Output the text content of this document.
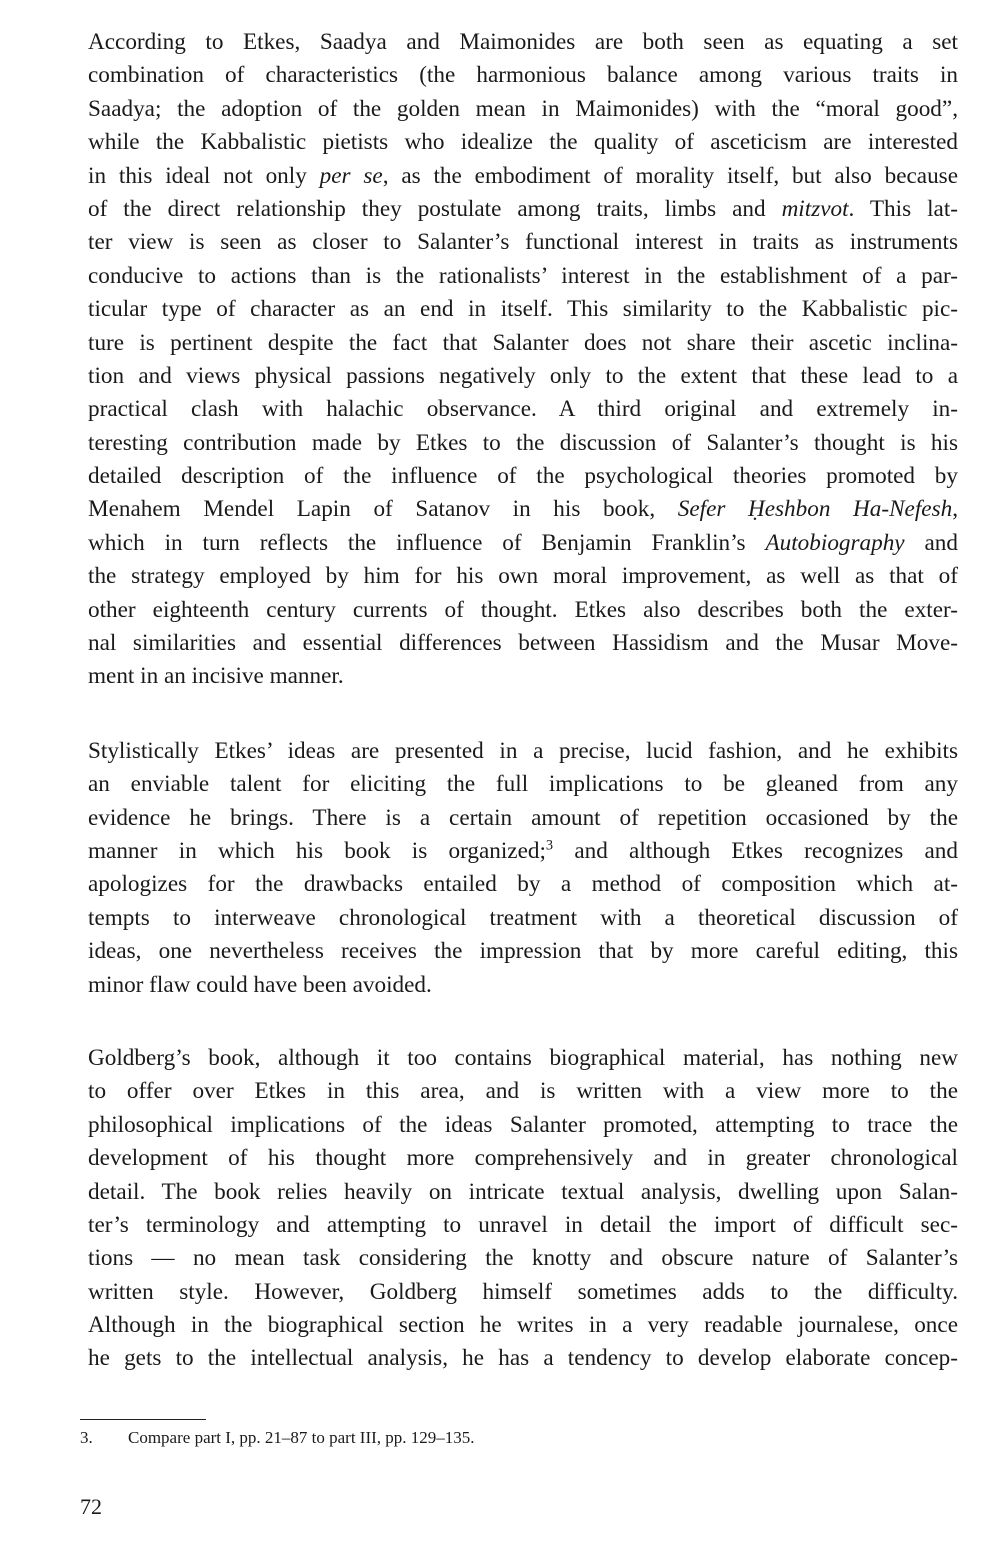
According to Etkes, Saadya and Maimonides are both seen as equating a set
combination of characteristics (the harmonious balance among various traits in
Saadya; the adoption of the golden mean in Maimonides) with the “moral good”,
while the Kabbalistic pietists who idealize the quality of asceticism are interested
in this ideal not only per se, as the embodiment of morality itself, but also because
of the direct relationship they postulate among traits, limbs and mitzvot. This lat-
ter view is seen as closer to Salanter’s functional interest in traits as instruments
conducive to actions than is the rationalists’ interest in the establishment of a par-
ticular type of character as an end in itself. This similarity to the Kabbalistic pic-
ture is pertinent despite the fact that Salanter does not share their ascetic inclina-
tion and views physical passions negatively only to the extent that these lead to a
practical clash with halachic observance. A third original and extremely in-
teresting contribution made by Etkes to the discussion of Salanter’s thought is his
detailed description of the influence of the psychological theories promoted by
Menahem Mendel Lapin of Satanov in his book, Sefer Ḥeshbon Ha-Nefesh,
which in turn reflects the influence of Benjamin Franklin’s Autobiography and
the strategy employed by him for his own moral improvement, as well as that of
other eighteenth century currents of thought. Etkes also describes both the exter-
nal similarities and essential differences between Hassidism and the Musar Move-
ment in an incisive manner.
Stylistically Etkes’ ideas are presented in a precise, lucid fashion, and he exhibits
an enviable talent for eliciting the full implications to be gleaned from any
evidence he brings. There is a certain amount of repetition occasioned by the
manner in which his book is organized;$^3$ and although Etkes recognizes and
apologizes for the drawbacks entailed by a method of composition which at-
tempts to interweave chronological treatment with a theoretical discussion of
ideas, one nevertheless receives the impression that by more careful editing, this
minor flaw could have been avoided.
Goldberg’s book, although it too contains biographical material, has nothing new
to offer over Etkes in this area, and is written with a view more to the
philosophical implications of the ideas Salanter promoted, attempting to trace the
development of his thought more comprehensively and in greater chronological
detail. The book relies heavily on intricate textual analysis, dwelling upon Salan-
ter’s terminology and attempting to unravel in detail the import of difficult sec-
tions — no mean task considering the knotty and obscure nature of Salanter’s
written style. However, Goldberg himself sometimes adds to the difficulty.
Although in the biographical section he writes in a very readable journalese, once
he gets to the intellectual analysis, he has a tendency to develop elaborate concep-
3. Compare part I, pp. 21–87 to part III, pp. 129–135.
72
